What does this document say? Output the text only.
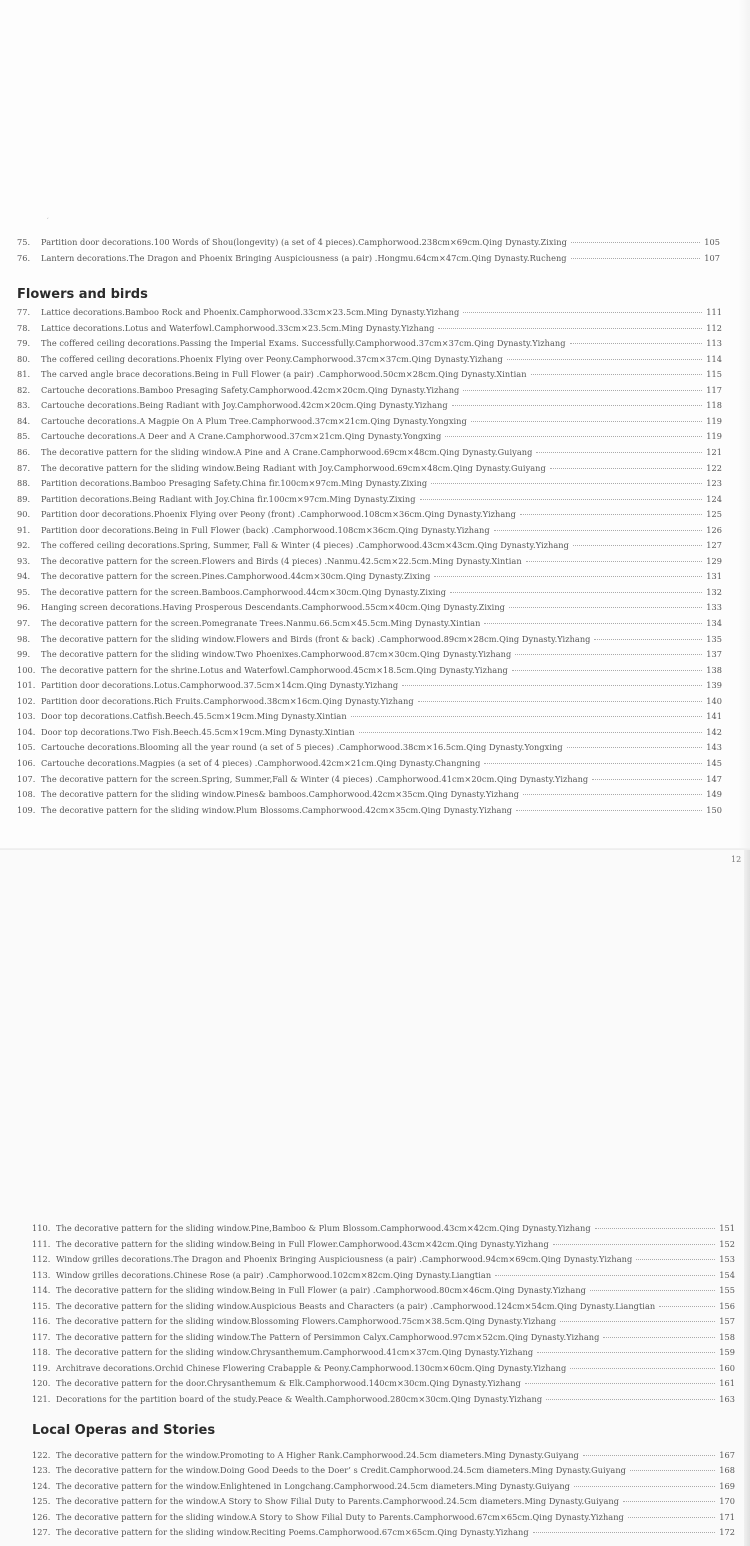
´
75.	Partition door decorations.100 Words of Shou(longevity) (a set of 4 pieces).Camphorwood.238cm×69cm.Qing Dynasty.Zixing	105
76.	Lantern decorations.The Dragon and Phoenix Bringing Auspiciousness (a pair) .Hongmu.64cm×47cm.Qing Dynasty.Rucheng	107
Flowers and birds
77.	Lattice decorations.Bamboo Rock and Phoenix.Camphorwood.33cm×23.5cm.Ming Dynasty.Yizhang	111
78.	Lattice decorations.Lotus and Waterfowl.Camphorwood.33cm×23.5cm.Ming Dynasty.Yizhang	112
79.	The coffered ceiling decorations.Passing the Imperial Exams. Successfully.Camphorwood.37cm×37cm.Qing Dynasty.Yizhang	113
80.	The coffered ceiling decorations.Phoenix Flying over Peony.Camphorwood.37cm×37cm.Qing Dynasty.Yizhang	114
81.	The carved angle brace decorations.Being in Full Flower (a pair) .Camphorwood.50cm×28cm.Qing Dynasty.Xintian	115
82.	Cartouche decorations.Bamboo Presaging Safety.Camphorwood.42cm×20cm.Qing Dynasty.Yizhang	117
83.	Cartouche decorations.Being Radiant with Joy.Camphorwood.42cm×20cm.Qing Dynasty.Yizhang	118
84.	Cartouche decorations.A Magpie On A Plum Tree.Camphorwood.37cm×21cm.Qing Dynasty.Yongxing	119
85.	Cartouche decorations.A Deer and A Crane.Camphorwood.37cm×21cm.Qing Dynasty.Yongxing	119
86.	The decorative pattern for the sliding window.A Pine and A Crane.Camphorwood.69cm×48cm.Qing Dynasty.Guiyang	121
87.	The decorative pattern for the sliding window.Being Radiant with Joy.Camphorwood.69cm×48cm.Qing Dynasty.Guiyang	122
88.	Partition decorations.Bamboo Presaging Safety.China fir.100cm×97cm.Ming Dynasty.Zixing	123
89.	Partition decorations.Being Radiant with Joy.China fir.100cm×97cm.Ming Dynasty.Zixing	124
90.	Partition door decorations.Phoenix Flying over Peony (front) .Camphorwood.108cm×36cm.Qing Dynasty.Yizhang	125
91.	Partition door decorations.Being in Full Flower (back) .Camphorwood.108cm×36cm.Qing Dynasty.Yizhang	126
92.	The coffered ceiling decorations.Spring, Summer, Fall & Winter (4 pieces) .Camphorwood.43cm×43cm.Qing Dynasty.Yizhang	127
93.	The decorative pattern for the screen.Flowers and Birds (4 pieces) .Nanmu.42.5cm×22.5cm.Ming Dynasty.Xintian	129
94.	The decorative pattern for the screen.Pines.Camphorwood.44cm×30cm.Qing Dynasty.Zixing	131
95.	The decorative pattern for the screen.Bamboos.Camphorwood.44cm×30cm.Qing Dynasty.Zixing	132
96.	Hanging screen decorations.Having Prosperous Descendants.Camphorwood.55cm×40cm.Qing Dynasty.Zixing	133
97.	The decorative pattern for the screen.Pomegranate Trees.Nanmu.66.5cm×45.5cm.Ming Dynasty.Xintian	134
98.	The decorative pattern for the sliding window.Flowers and Birds (front & back) .Camphorwood.89cm×28cm.Qing Dynasty.Yizhang	135
99.	The decorative pattern for the sliding window.Two Phoenixes.Camphorwood.87cm×30cm.Qing Dynasty.Yizhang	137
100. The decorative pattern for the shrine.Lotus and Waterfowl.Camphorwood.45cm×18.5cm.Qing Dynasty.Yizhang	138
101. Partition door decorations.Lotus.Camphorwood.37.5cm×14cm.Qing Dynasty.Yizhang	139
102. Partition door decorations.Rich Fruits.Camphorwood.38cm×16cm.Qing Dynasty.Yizhang	140
103. Door top decorations.Catfish.Beech.45.5cm×19cm.Ming Dynasty.Xintian	141
104. Door top decorations.Two Fish.Beech.45.5cm×19cm.Ming Dynasty.Xintian	142
105. Cartouche decorations.Blooming all the year round (a set of 5 pieces) .Camphorwood.38cm×16.5cm.Qing Dynasty.Yongxing	143
106. Cartouche decorations.Magpies (a set of 4 pieces) .Camphorwood.42cm×21cm.Qing Dynasty.Changning	145
107. The decorative pattern for the screen.Spring, Summer,Fall & Winter (4 pieces) .Camphorwood.41cm×20cm.Qing Dynasty.Yizhang	147
108. The decorative pattern for the sliding window.Pines& bamboos.Camphorwood.42cm×35cm.Qing Dynasty.Yizhang	149
109. The decorative pattern for the sliding window.Plum Blossoms.Camphorwood.42cm×35cm.Qing Dynasty.Yizhang	150
12
110. The decorative pattern for the sliding window.Pine,Bamboo & Plum Blossom.Camphorwood.43cm×42cm.Qing Dynasty.Yizhang	151
111. The decorative pattern for the sliding window.Being in Full Flower.Camphorwood.43cm×42cm.Qing Dynasty.Yizhang	152
112. Window grilles decorations.The Dragon and Phoenix Bringing Auspiciousness (a pair) .Camphorwood.94cm×69cm.Qing Dynasty.Yizhang	153
113. Window grilles decorations.Chinese Rose (a pair) .Camphorwood.102cm×82cm.Qing Dynasty.Liangtian	154
114. The decorative pattern for the sliding window.Being in Full Flower (a pair) .Camphorwood.80cm×46cm.Qing Dynasty.Yizhang	155
115. The decorative pattern for the sliding window.Auspicious Beasts and Characters (a pair) .Camphorwood.124cm×54cm.Qing Dynasty.Liangtian	156
116. The decorative pattern for the sliding window.Blossoming Flowers.Camphorwood.75cm×38.5cm.Qing Dynasty.Yizhang	157
117. The decorative pattern for the sliding window.The Pattern of Persimmon Calyx.Camphorwood.97cm×52cm.Qing Dynasty.Yizhang	158
118. The decorative pattern for the sliding window.Chrysanthemum.Camphorwood.41cm×37cm.Qing Dynasty.Yizhang	159
119. Architrave decorations.Orchid Chinese Flowering Crabapple & Peony.Camphorwood.130cm×60cm.Qing Dynasty.Yizhang	160
120. The decorative pattern for the door.Chrysanthemum & Elk.Camphorwood.140cm×30cm.Qing Dynasty.Yizhang	161
121. Decorations for the partition board of the study.Peace & Wealth.Camphorwood.280cm×30cm.Qing Dynasty.Yizhang	163
Local Operas and Stories
122. The decorative pattern for the window.Promoting to A Higher Rank.Camphorwood.24.5cm diameters.Ming Dynasty.Guiyang	167
123. The decorative pattern for the window.Doing Good Deeds to the Doer’ s Credit.Camphorwood.24.5cm diameters.Ming Dynasty.Guiyang	168
124. The decorative pattern for the window.Enlightened in Longchang.Camphorwood.24.5cm diameters.Ming Dynasty.Guiyang	169
125. The decorative pattern for the window.A Story to Show Filial Duty to Parents.Camphorwood.24.5cm diameters.Ming Dynasty.Guiyang	170
126. The decorative pattern for the sliding window.A Story to Show Filial Duty to Parents.Camphorwood.67cm×65cm.Qing Dynasty.Yizhang	171
127. The decorative pattern for the sliding window.Reciting Poems.Camphorwood.67cm×65cm.Qing Dynasty.Yizhang	172
